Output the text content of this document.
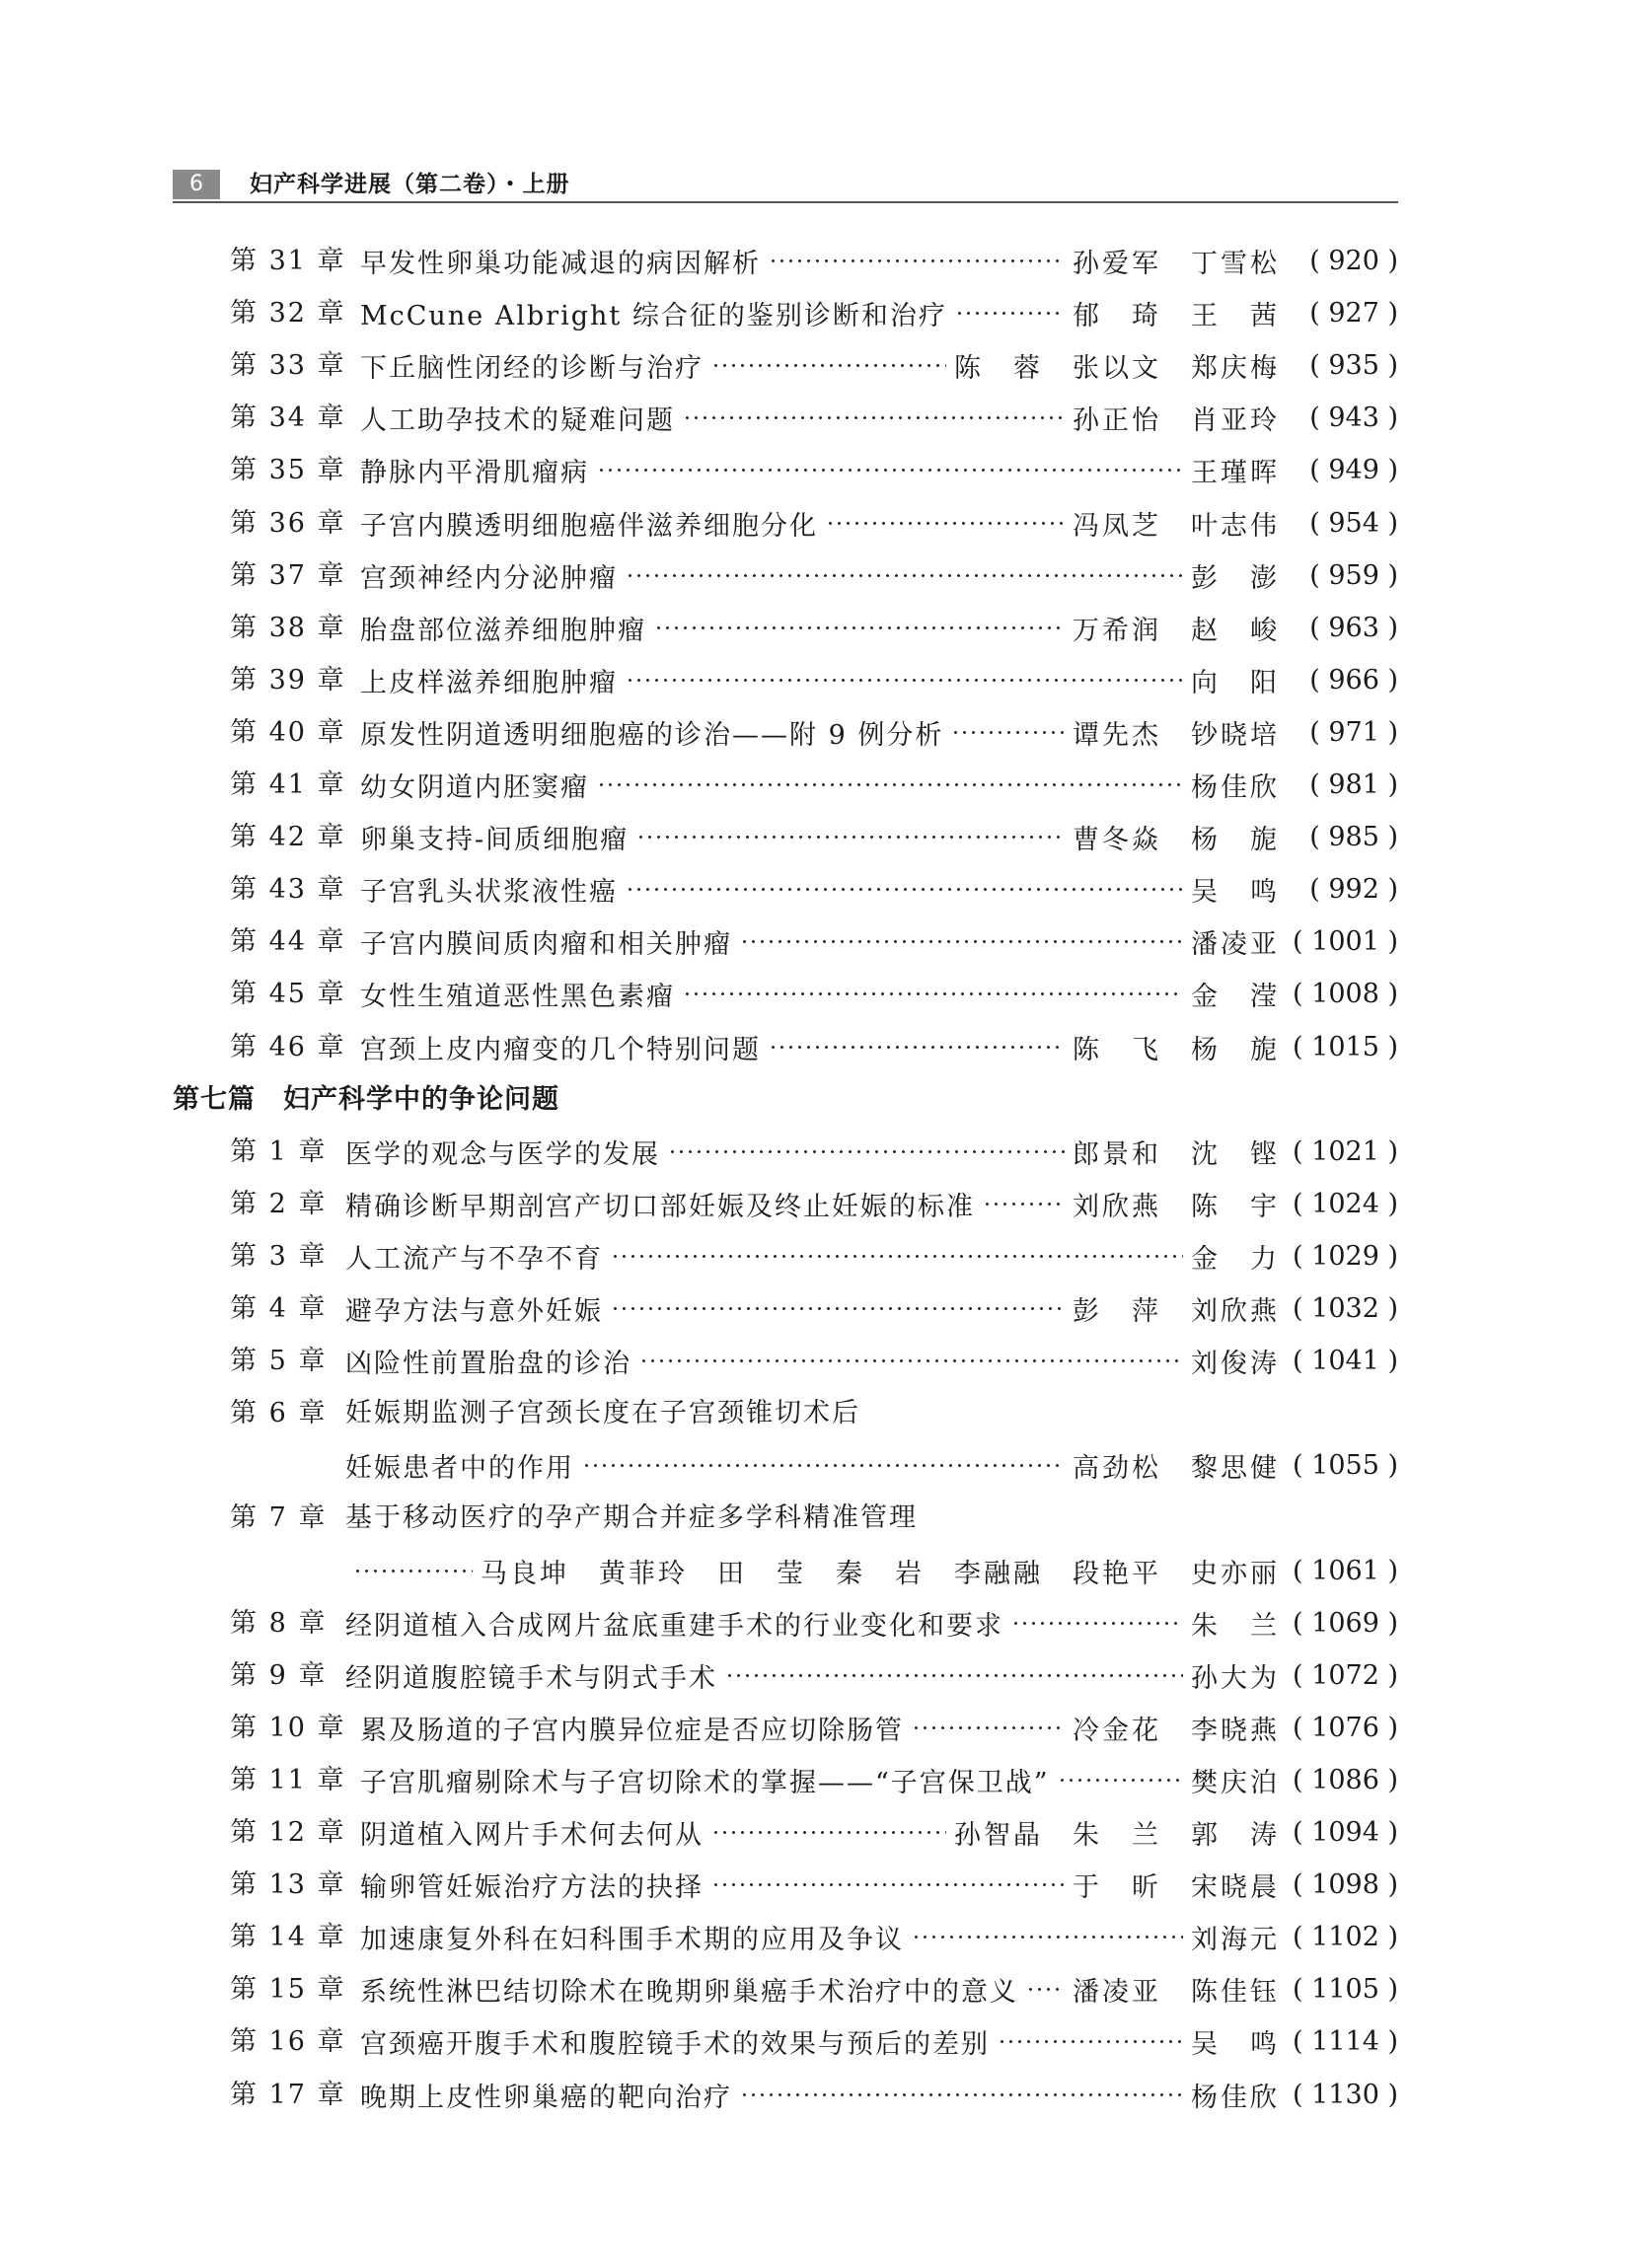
6	妇产科学进展（第二卷）・上册
第 31 章 早发性卵巢功能减退的病因解析	孙爱军　丁雪松	( 920 )
第 32 章 McCune Albright 综合征的鉴别诊断和治疗	郁　琦　王　茜	( 927 )
第 33 章 下丘脑性闭经的诊断与治疗	陈　蓉　张以文　郑庆梅	( 935 )
第 34 章 人工助孕技术的疑难问题	孙正怡　肖亚玲	( 943 )
第 35 章 静脉内平滑肌瘤病	王瑾晖	( 949 )
第 36 章 子宫内膜透明细胞癌伴滋养细胞分化	冯凤芝　叶志伟	( 954 )
第 37 章 宫颈神经内分泌肿瘤	彭　澎	( 959 )
第 38 章 胎盘部位滋养细胞肿瘤	万希润　赵　峻	( 963 )
第 39 章 上皮样滋养细胞肿瘤	向　阳	( 966 )
第 40 章 原发性阴道透明细胞癌的诊治——附 9 例分析	谭先杰　钞晓培	( 971 )
第 41 章 幼女阴道内胚窦瘤	杨佳欣	( 981 )
第 42 章 卵巢支持-间质细胞瘤	曹冬焱　杨　旎	( 985 )
第 43 章 子宫乳头状浆液性癌	吴　鸣	( 992 )
第 44 章 子宫内膜间质肉瘤和相关肿瘤	潘凌亚 ( 1001 )
第 45 章 女性生殖道恶性黑色素瘤	金　滢 ( 1008 )
第 46 章 宫颈上皮内瘤变的几个特别问题	陈　飞　杨　旎 ( 1015 )
第七篇 妇产科学中的争论问题
第 1 章 医学的观念与医学的发展	郎景和　沈　铿 ( 1021 )
第 2 章 精确诊断早期剖宫产切口部妊娠及终止妊娠的标准	刘欣燕　陈　宇 ( 1024 )
第 3 章 人工流产与不孕不育	金　力 ( 1029 )
第 4 章 避孕方法与意外妊娠	彭　萍　刘欣燕 ( 1032 )
第 5 章 凶险性前置胎盘的诊治	刘俊涛 ( 1041 )
第 6 章 妊娠期监测子宫颈长度在子宫颈锥切术后
妊娠患者中的作用	高劲松　黎思健 ( 1055 )
第 7 章 基于移动医疗的孕产期合并症多学科精准管理
马良坤　黄菲玲　田　莹　秦　岩　李融融　段艳平　史亦丽 ( 1061 )
第 8 章 经阴道植入合成网片盆底重建手术的行业变化和要求	朱　兰 ( 1069 )
第 9 章 经阴道腹腔镜手术与阴式手术	孙大为 ( 1072 )
第 10 章 累及肠道的子宫内膜异位症是否应切除肠管	冷金花　李晓燕 ( 1076 )
第 11 章 子宫肌瘤剔除术与子宫切除术的掌握——“子宫保卫战”	樊庆泊 ( 1086 )
第 12 章 阴道植入网片手术何去何从	孙智晶　朱　兰　郭　涛 ( 1094 )
第 13 章 输卵管妊娠治疗方法的抉择	于　昕　宋晓晨 ( 1098 )
第 14 章 加速康复外科在妇科围手术期的应用及争议	刘海元 ( 1102 )
第 15 章 系统性淋巴结切除术在晚期卵巢癌手术治疗中的意义 潘凌亚　陈佳钰 ( 1105 )
第 16 章 宫颈癌开腹手术和腹腔镜手术的效果与预后的差别	吴　鸣 ( 1114 )
第 17 章 晚期上皮性卵巢癌的靶向治疗	杨佳欣 ( 1130 )
